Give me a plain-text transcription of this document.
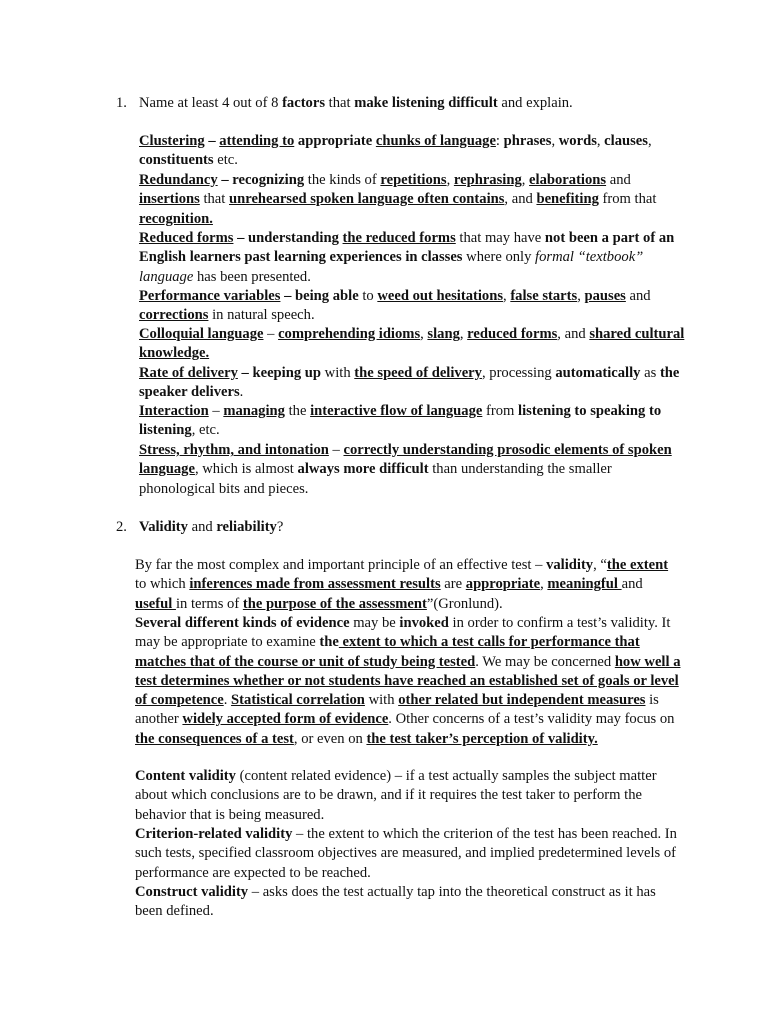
1. Name at least 4 out of 8 factors that make listening difficult and explain.
Clustering – attending to appropriate chunks of language: phrases, words, clauses, constituents etc.
Redundancy – recognizing the kinds of repetitions, rephrasing, elaborations and insertions that unrehearsed spoken language often contains, and benefiting from that recognition.
Reduced forms – understanding the reduced forms that may have not been a part of an English learners past learning experiences in classes where only formal “textbook” language has been presented.
Performance variables – being able to weed out hesitations, false starts, pauses and corrections in natural speech.
Colloquial language – comprehending idioms, slang, reduced forms, and shared cultural knowledge.
Rate of delivery – keeping up with the speed of delivery, processing automatically as the speaker delivers.
Interaction – managing the interactive flow of language from listening to speaking to listening, etc.
Stress, rhythm, and intonation – correctly understanding prosodic elements of spoken language, which is almost always more difficult than understanding the smaller phonological bits and pieces.
2. Validity and reliability?
By far the most complex and important principle of an effective test – validity, “the extent to which inferences made from assessment results are appropriate, meaningful and useful in terms of the purpose of the assessment”(Gronlund).
Several different kinds of evidence may be invoked in order to confirm a test’s validity. It may be appropriate to examine the extent to which a test calls for performance that matches that of the course or unit of study being tested. We may be concerned how well a test determines whether or not students have reached an established set of goals or level of competence. Statistical correlation with other related but independent measures is another widely accepted form of evidence. Other concerns of a test’s validity may focus on the consequences of a test, or even on the test taker’s perception of validity.
Content validity (content related evidence) – if a test actually samples the subject matter about which conclusions are to be drawn, and if it requires the test taker to perform the behavior that is being measured.
Criterion-related validity – the extent to which the criterion of the test has been reached. In such tests, specified classroom objectives are measured, and implied predetermined levels of performance are expected to be reached.
Construct validity – asks does the test actually tap into the theoretical construct as it has been defined.
